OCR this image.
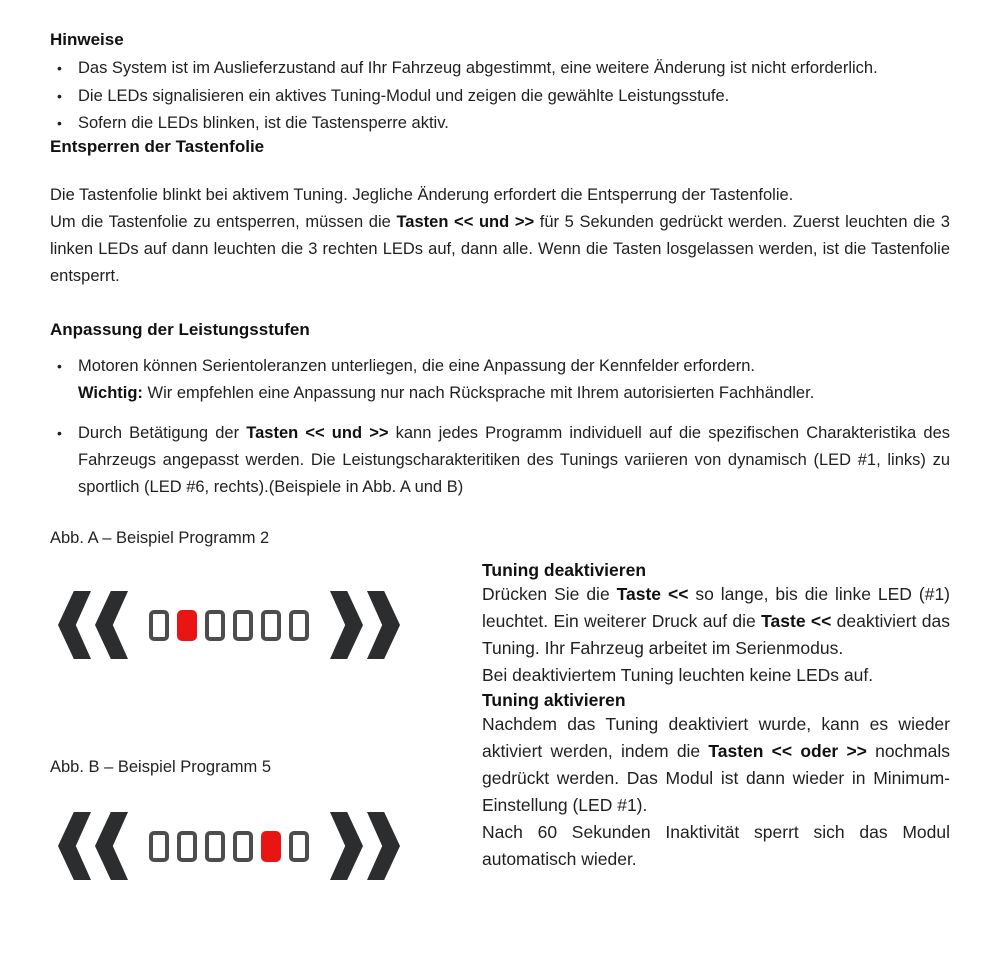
Hinweise

• Das System ist im Auslieferzustand auf Ihr Fahrzeug abgestimmt, eine weitere Änderung ist nicht erforderlich.
• Die LEDs signalisieren ein aktives Tuning-Modul und zeigen die gewählte Leistungsstufe.
• Sofern die LEDs blinken, ist die Tastensperre aktiv.

Entsperren der Tastenfolie

Die Tastenfolie blinkt bei aktivem Tuning. Jegliche Änderung erfordert die Entsperrung der Tastenfolie.
Um die Tastenfolie zu entsperren, müssen die Tasten << und >> für 5 Sekunden gedrückt werden. Zuerst leuchten die 3 linken LEDs auf dann leuchten die 3 rechten LEDs auf, dann alle. Wenn die Tasten losgelassen werden, ist die Tastenfolie entsperrt.

Anpassung der Leistungsstufen

• Motoren können Serientoleranzen unterliegen, die eine Anpassung der Kennfelder erfordern.
Wichtig: Wir empfehlen eine Anpassung nur nach Rücksprache mit Ihrem autorisierten Fachhändler.
• Durch Betätigung der Tasten << und >> kann jedes Programm individuell auf die spezifischen Charakteristika des Fahrzeugs angepasst werden. Die Leistungscharakteritiken des Tunings variieren von dynamisch (LED #1, links) zu sportlich (LED #6, rechts).(Beispiele in Abb. A und B)
Abb. A – Beispiel Programm 2
Abb. B – Beispiel Programm 5

Tuning deaktivieren

Drücken Sie die Taste << so lange, bis die linke LED (#1) leuchtet. Ein weiterer Druck auf die Taste << deaktiviert das Tuning. Ihr Fahrzeug arbeitet im Serienmodus.

Bei deaktiviertem Tuning leuchten keine LEDs auf.

Tuning aktivieren

Nachdem das Tuning deaktiviert wurde, kann es wieder aktiviert werden, indem die Tasten << oder >> nochmals gedrückt werden. Das Modul ist dann wieder in Minimum-Einstellung (LED #1).

Nach 60 Sekunden Inaktivität sperrt sich das Modul automatisch wieder.
